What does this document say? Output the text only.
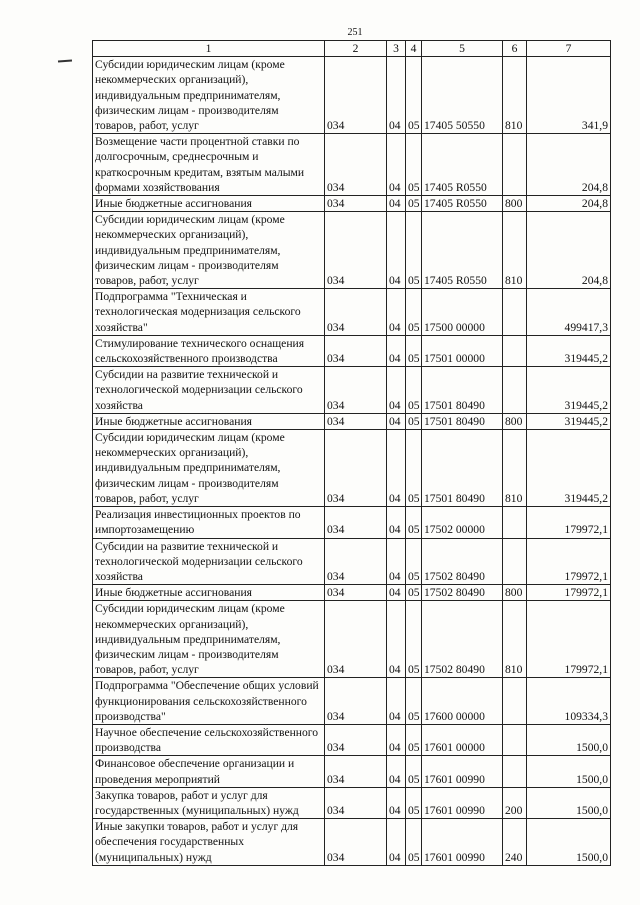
251
1	2	3	4	5	6	7
Субсидии юридическим лицам (кроме некоммерческих организаций), индивидуальным предпринимателям, физическим лицам - производителям товаров, работ, услуг	034	04	05	17405 50550	810	341,9
Возмещение части процентной ставки по долгосрочным, среднесрочным и краткосрочным кредитам, взятым малыми формами хозяйствования	034	04	05	17405 R0550		204,8
Иные бюджетные ассигнования	034	04	05	17405 R0550	800	204,8
Субсидии юридическим лицам (кроме некоммерческих организаций), индивидуальным предпринимателям, физическим лицам - производителям товаров, работ, услуг	034	04	05	17405 R0550	810	204,8
Подпрограмма "Техническая и технологическая модернизация сельского хозяйства"	034	04	05	17500 00000		499417,3
Стимулирование технического оснащения сельскохозяйственного производства	034	04	05	17501 00000		319445,2
Субсидии на развитие технической и технологической модернизации сельского хозяйства	034	04	05	17501 80490		319445,2
Иные бюджетные ассигнования	034	04	05	17501 80490	800	319445,2
Субсидии юридическим лицам (кроме некоммерческих организаций), индивидуальным предпринимателям, физическим лицам - производителям товаров, работ, услуг	034	04	05	17501 80490	810	319445,2
Реализация инвестиционных проектов по импортозамещению	034	04	05	17502 00000		179972,1
Субсидии на развитие технической и технологической модернизации сельского хозяйства	034	04	05	17502 80490		179972,1
Иные бюджетные ассигнования	034	04	05	17502 80490	800	179972,1
Субсидии юридическим лицам (кроме некоммерческих организаций), индивидуальным предпринимателям, физическим лицам - производителям товаров, работ, услуг	034	04	05	17502 80490	810	179972,1
Подпрограмма "Обеспечение общих условий функционирования сельскохозяйственного производства"	034	04	05	17600 00000		109334,3
Научное обеспечение сельскохозяйственного производства	034	04	05	17601 00000		1500,0
Финансовое обеспечение организации и проведения мероприятий	034	04	05	17601 00990		1500,0
Закупка товаров, работ и услуг для государственных (муниципальных) нужд	034	04	05	17601 00990	200	1500,0
Иные закупки товаров, работ и услуг для обеспечения государственных (муниципальных) нужд	034	04	05	17601 00990	240	1500,0
